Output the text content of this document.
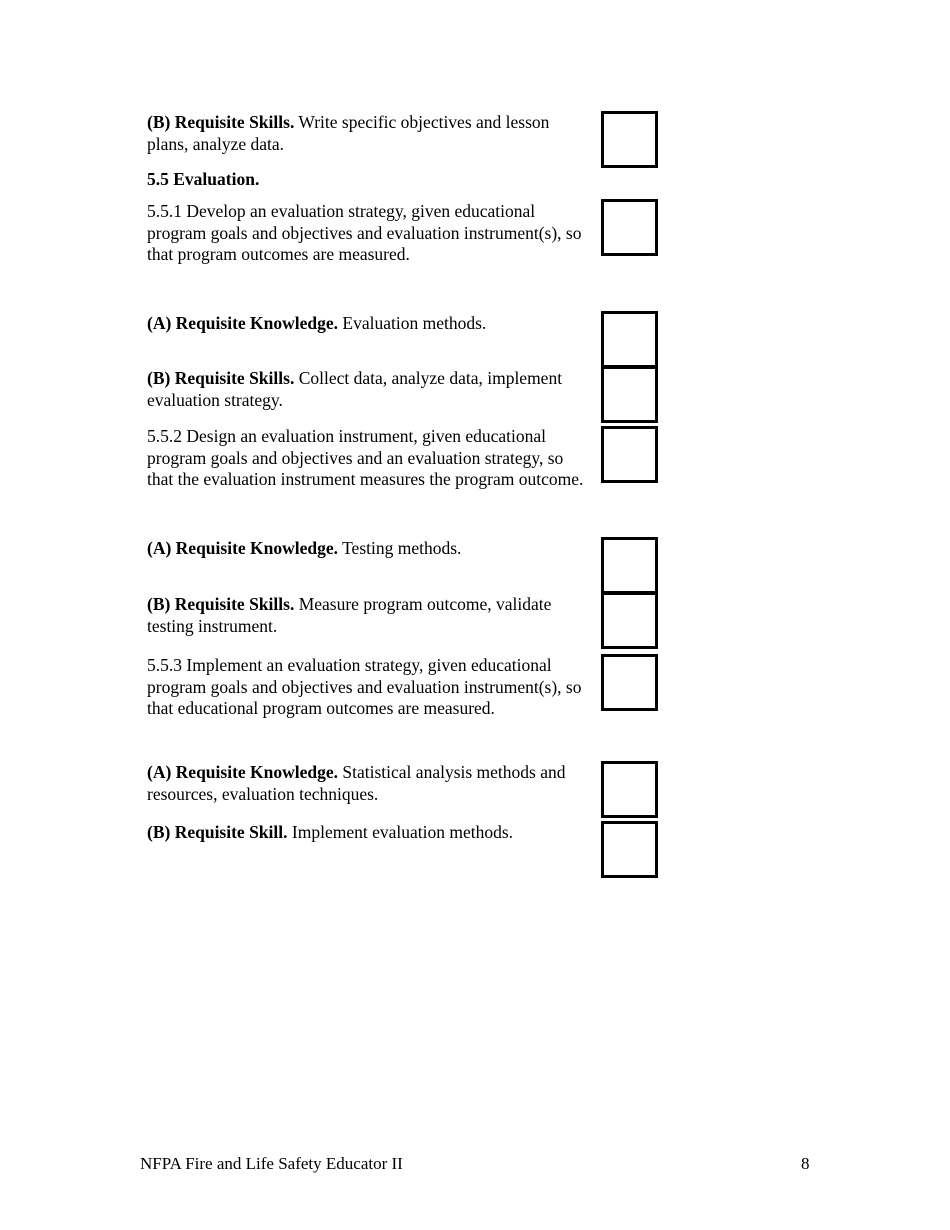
(B) Requisite Skills. Write specific objectives and lesson plans, analyze data.
5.5 Evaluation.
5.5.1 Develop an evaluation strategy, given educational program goals and objectives and evaluation instrument(s), so that program outcomes are measured.
(A) Requisite Knowledge. Evaluation methods.
(B) Requisite Skills. Collect data, analyze data, implement evaluation strategy.
5.5.2 Design an evaluation instrument, given educational program goals and objectives and an evaluation strategy, so that the evaluation instrument measures the program outcome.
(A) Requisite Knowledge. Testing methods.
(B) Requisite Skills. Measure program outcome, validate testing instrument.
5.5.3 Implement an evaluation strategy, given educational program goals and objectives and evaluation instrument(s), so that educational program outcomes are measured.
(A) Requisite Knowledge. Statistical analysis methods and resources, evaluation techniques.
(B) Requisite Skill. Implement evaluation methods.
NFPA Fire and Life Safety Educator II	8
